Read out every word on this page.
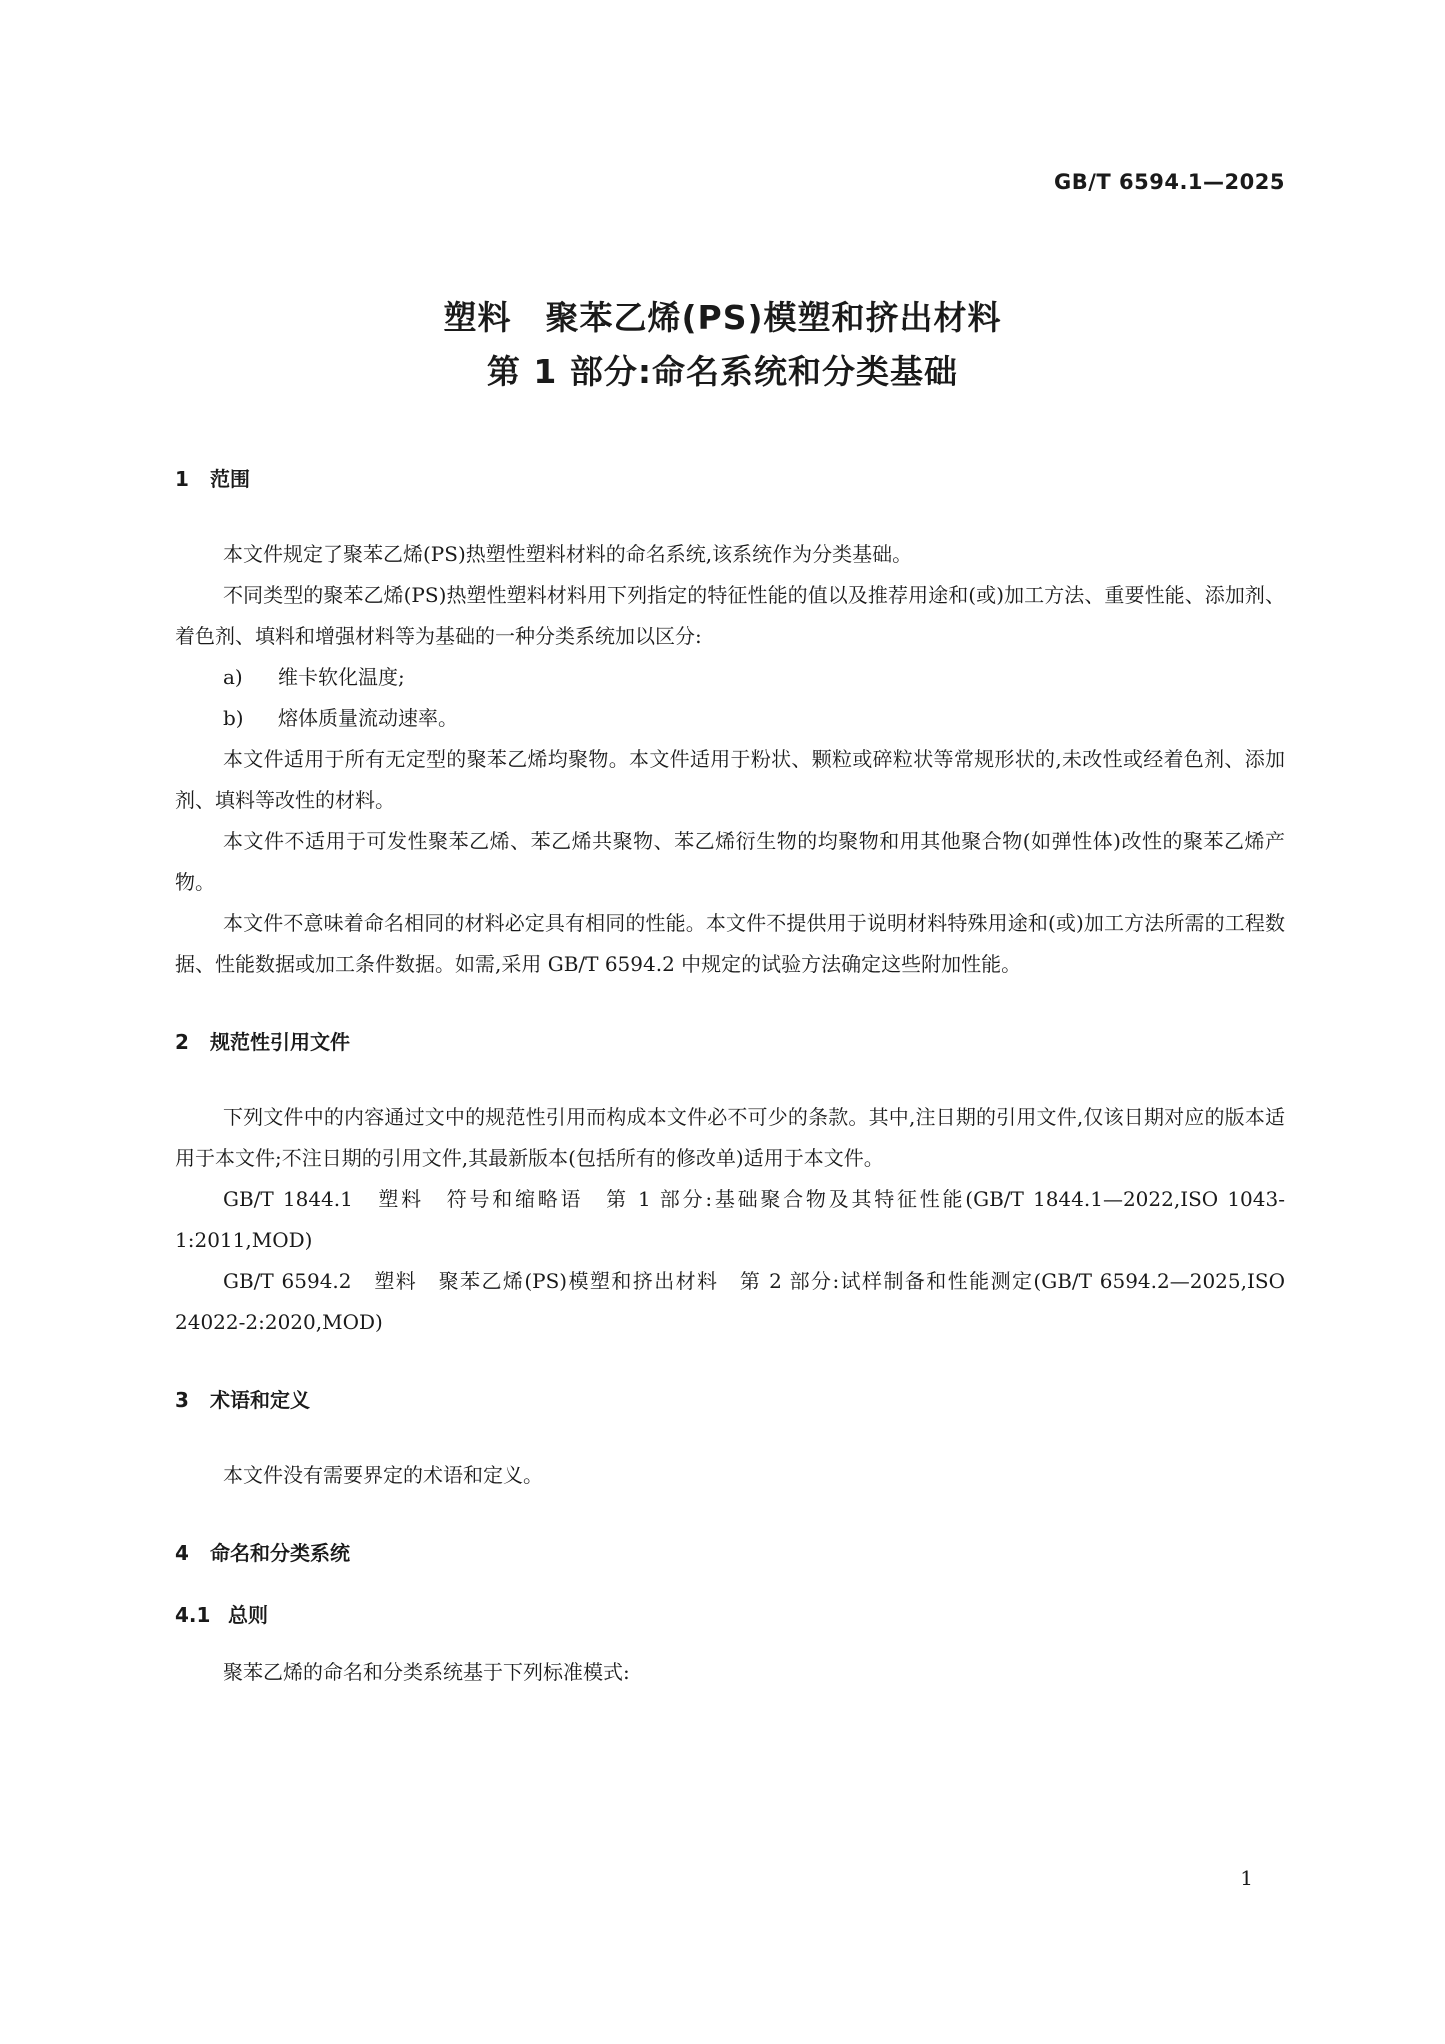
GB/T 6594.1—2025
塑料　聚苯乙烯(PS)模塑和挤出材料
第 1 部分:命名系统和分类基础
1 范围

本文件规定了聚苯乙烯(PS)热塑性塑料材料的命名系统,该系统作为分类基础。

不同类型的聚苯乙烯(PS)热塑性塑料材料用下列指定的特征性能的值以及推荐用途和(或)加工方法、重要性能、添加剂、着色剂、填料和增强材料等为基础的一种分类系统加以区分:

a) 维卡软化温度;

b) 熔体质量流动速率。

本文件适用于所有无定型的聚苯乙烯均聚物。本文件适用于粉状、颗粒或碎粒状等常规形状的,未改性或经着色剂、添加剂、填料等改性的材料。

本文件不适用于可发性聚苯乙烯、苯乙烯共聚物、苯乙烯衍生物的均聚物和用其他聚合物(如弹性体)改性的聚苯乙烯产物。

本文件不意味着命名相同的材料必定具有相同的性能。本文件不提供用于说明材料特殊用途和(或)加工方法所需的工程数据、性能数据或加工条件数据。如需,采用 GB/T 6594.2 中规定的试验方法确定这些附加性能。

2 规范性引用文件

下列文件中的内容通过文中的规范性引用而构成本文件必不可少的条款。其中,注日期的引用文件,仅该日期对应的版本适用于本文件;不注日期的引用文件,其最新版本(包括所有的修改单)适用于本文件。

GB/T 1844.1　塑料　符号和缩略语　第 1 部分:基础聚合物及其特征性能(GB/T 1844.1—2022,ISO 1043-1:2011,MOD)

GB/T 6594.2　塑料　聚苯乙烯(PS)模塑和挤出材料　第 2 部分:试样制备和性能测定(GB/T 6594.2—2025,ISO 24022-2:2020,MOD)

3 术语和定义

本文件没有需要界定的术语和定义。

4 命名和分类系统
4.1 总则

聚苯乙烯的命名和分类系统基于下列标准模式:

1
